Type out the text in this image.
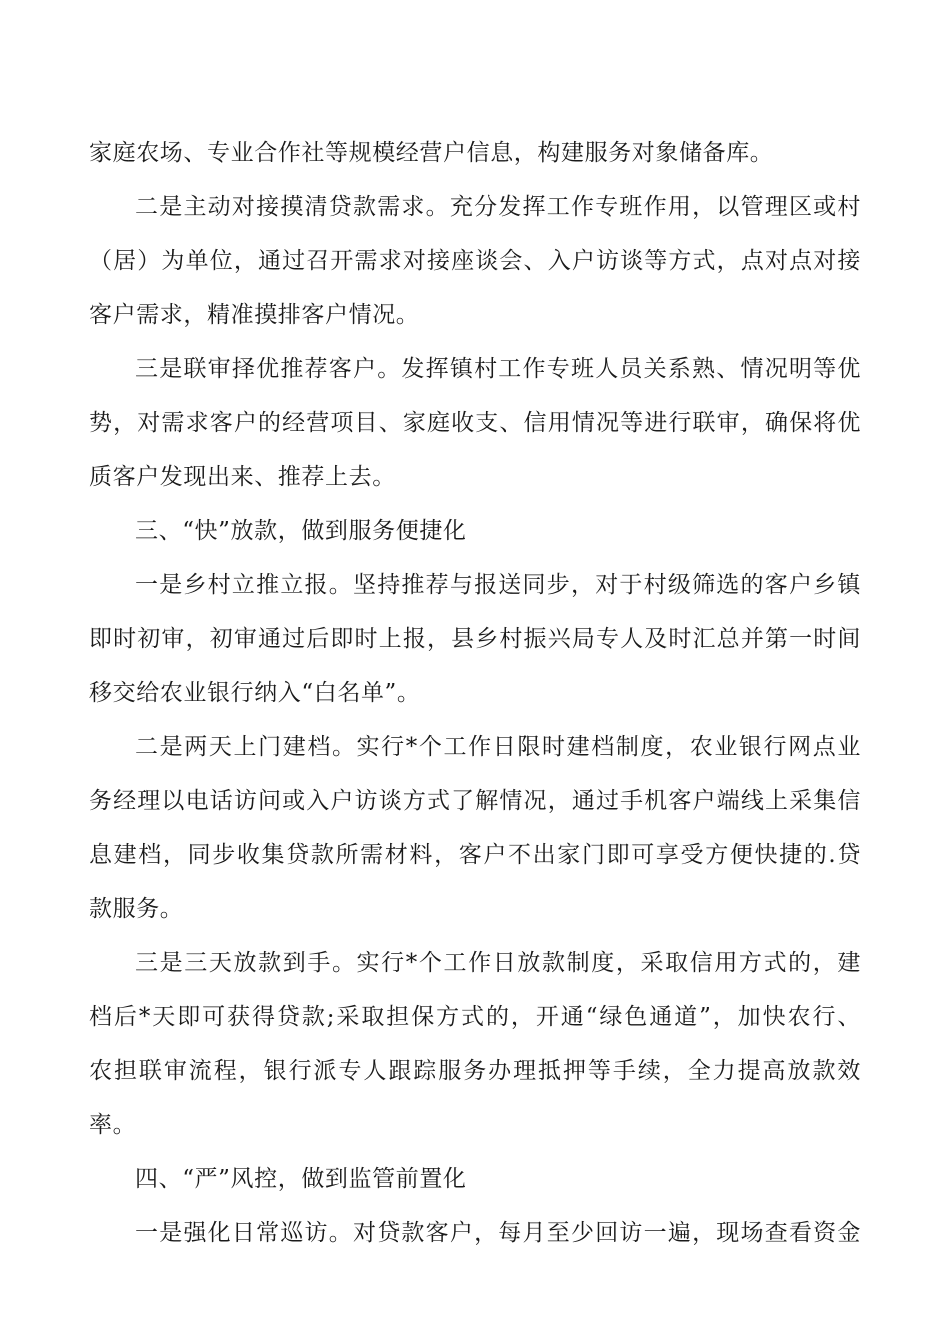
家庭农场、专业合作社等规模经营户信息，构建服务对象储备库。
二是主动对接摸清贷款需求。充分发挥工作专班作用，以管理区或村
（居）为单位，通过召开需求对接座谈会、入户访谈等方式，点对点对接
客户需求，精准摸排客户情况。
三是联审择优推荐客户。发挥镇村工作专班人员关系熟、情况明等优
势，对需求客户的经营项目、家庭收支、信用情况等进行联审，确保将优
质客户发现出来、推荐上去。
三、“快”放款，做到服务便捷化
一是乡村立推立报。坚持推荐与报送同步，对于村级筛选的客户乡镇
即时初审，初审通过后即时上报，县乡村振兴局专人及时汇总并第一时间
移交给农业银行纳入“白名单”。
二是两天上门建档。实行*个工作日限时建档制度，农业银行网点业
务经理以电话访问或入户访谈方式了解情况，通过手机客户端线上采集信
息建档，同步收集贷款所需材料，客户不出家门即可享受方便快捷的.贷
款服务。
三是三天放款到手。实行*个工作日放款制度，采取信用方式的，建
档后*天即可获得贷款;采取担保方式的，开通“绿色通道”，加快农行、
农担联审流程，银行派专人跟踪服务办理抵押等手续，全力提高放款效
率。
四、“严”风控，做到监管前置化
一是强化日常巡访。对贷款客户，每月至少回访一遍，现场查看资金
